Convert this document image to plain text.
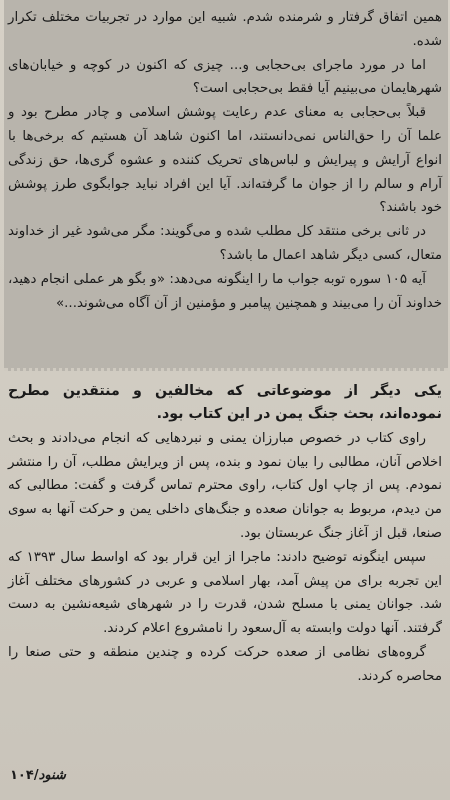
همین اتفاق گرفتار و شرمنده شدم. شبیه این موارد در تجربیات مختلف تکرار شده.

اما در مورد ماجرای بی‌حجابی و... چیزی که اکنون در کوچه و خیابان‌های شهرهایمان می‌بینیم آیا فقط بی‌حجابی است؟

قبلاً بی‌حجابی به معنای عدم رعایت پوشش اسلامی و چادر مطرح بود و علما آن را حق‌الناس نمی‌دانستند، اما اکنون شاهد آن هستیم که برخی‌ها با انواع آرایش و پیرایش و لباس‌های تحریک کننده و عشوه گری‌ها، حق زندگی آرام و سالم را از جوان ما گرفته‌اند. آیا این افراد نباید جوابگوی طرز پوشش خود باشند؟

در ثانی برخی منتقد کل مطلب شده و می‌گویند: مگر می‌شود غیر از خداوند متعال، کسی دیگر شاهد اعمال ما باشد؟

آیه ۱۰۵ سوره توبه جواب ما را اینگونه می‌دهد: «و بگو هر عملی انجام دهید، خداوند آن را می‌بیند و همچنین پیامبر و مؤمنین از آن آگاه می‌شوند...»

یکی دیگر از موضوعاتی که مخالفین و منتقدین مطرح نموده‌اند، بحث جنگ یمن در این کتاب بود.

راوی کتاب در خصوص مبارزان یمنی و نبردهایی که انجام می‌دادند و بحث اخلاص آنان، مطالبی را بیان نمود و بنده، پس از ویرایش مطلب، آن را منتشر نمودم. پس از چاپ اول کتاب، راوی محترم تماس گرفت و گفت: مطالبی که من دیدم، مربوط به جوانان صعده و جنگ‌های داخلی یمن و حرکت آنها به سوی صنعا، قبل از آغاز جنگ عربستان بود.

سپس اینگونه توضیح دادند: ماجرا از این قرار بود که اواسط سال ۱۳۹۳ که این تجربه برای من پیش آمد، بهار اسلامی و عربی در کشورهای مختلف آغاز شد. جوانان یمنی با مسلح شدن، قدرت را در شهرهای شیعه‌نشین به دست گرفتند. آنها دولت وابسته به آل‌سعود را نامشروع اعلام کردند.

گروه‌های نظامی از صعده حرکت کرده و چندین منطقه و حتی صنعا را محاصره کردند.

شنود/۱۰۴
